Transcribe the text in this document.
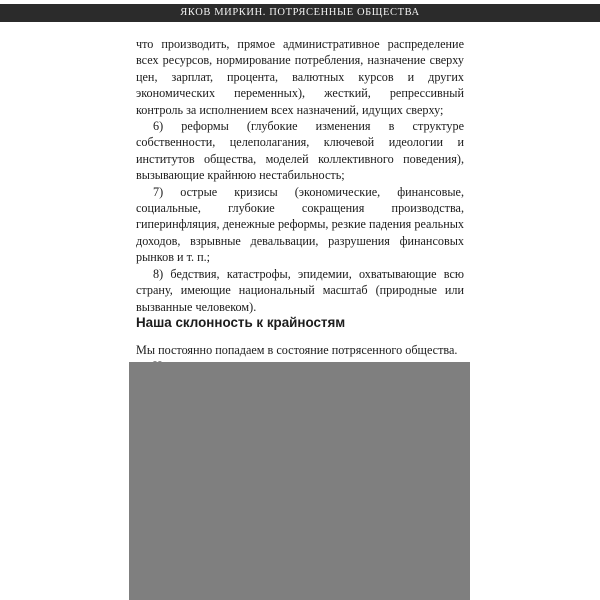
ЯКОВ МИРКИН. ПОТРЯСЕННЫЕ ОБЩЕСТВА

что производить, прямое административное распределение всех ресурсов, нормирование потребления, назначение сверху цен, зарплат, процента, валютных курсов и других экономических переменных), жесткий, репрессивный контроль за исполнением всех назначений, идущих сверху;

6) реформы (глубокие изменения в структуре собственности, целеполагания, ключевой идеологии и институтов общества, моделей коллективного поведения), вызывающие крайнюю нестабильность;

7) острые кризисы (экономические, финансовые, социальные, глубокие сокращения производства, гиперинфляция, денежные реформы, резкие падения реальных доходов, взрывные девальвации, разрушения финансовых рынков и т. п.;

8) бедствия, катастрофы, эпидемии, охватывающие всю страну, имеющие национальный масштаб (природные или вызванные человеком).

Наша склонность к крайностям

Мы постоянно попадаем в состояние потрясенного общества.
